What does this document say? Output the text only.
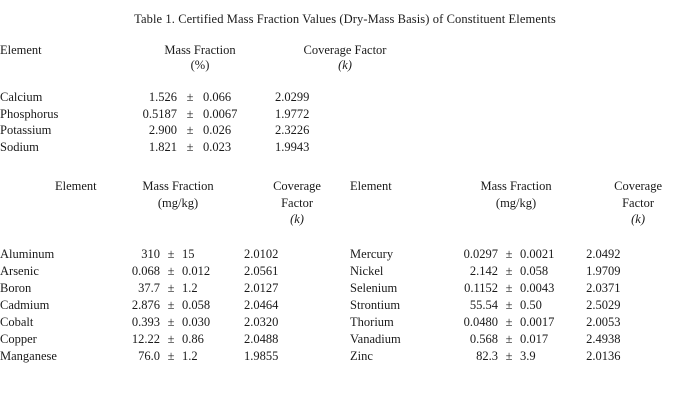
Table 1. Certified Mass Fraction Values (Dry-Mass Basis) of Constituent Elements
Element	Mass Fraction			Coverage Factor
	(%)			(k)

Calcium	1.526	±	0.066	2.0299
Phosphorus	0.5187	±	0.0067	1.9772
Potassium	2.900	±	0.026	2.3226
Sodium	1.821	±	0.023	1.9943
Element	Mass Fraction			Coverage	Element	Mass Fraction			Coverage
	(mg/kg)			Factor		(mg/kg)			Factor
				(k)					(k)

Aluminum	310	±	15	2.0102	Mercury	0.0297	±	0.0021	2.0492
Arsenic	0.068	±	0.012	2.0561	Nickel	2.142	±	0.058	1.9709
Boron	37.7	±	1.2	2.0127	Selenium	0.1152	±	0.0043	2.0371
Cadmium	2.876	±	0.058	2.0464	Strontium	55.54	±	0.50	2.5029
Cobalt	0.393	±	0.030	2.0320	Thorium	0.0480	±	0.0017	2.0053
Copper	12.22	±	0.86	2.0488	Vanadium	0.568	±	0.017	2.4938
Manganese	76.0	±	1.2	1.9855	Zinc	82.3	±	3.9	2.0136
